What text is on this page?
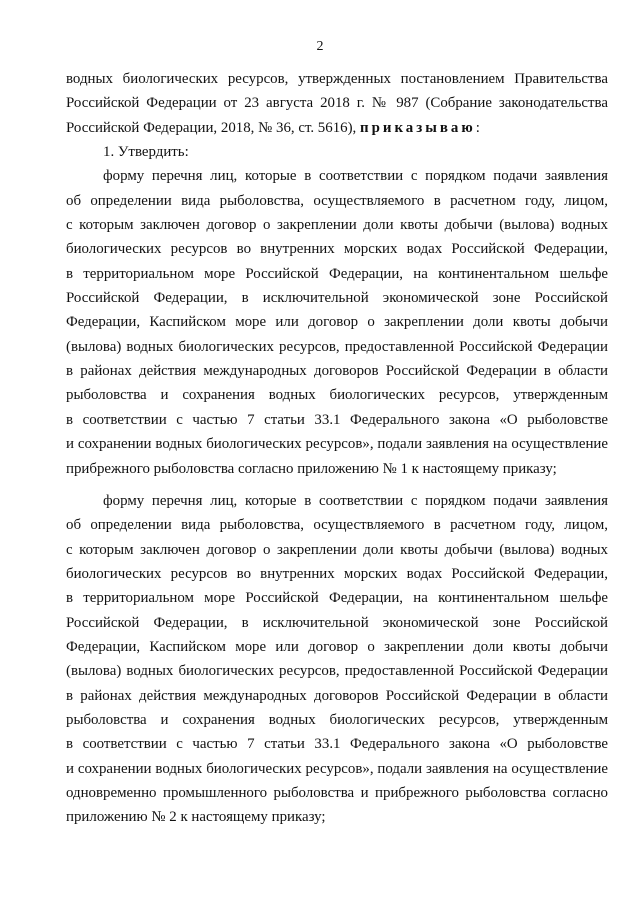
2
водных биологических ресурсов, утвержденных постановлением Правительства
Российской Федерации от 23 августа 2018 г. № 987 (Собрание законодательства
Российской Федерации, 2018, № 36, ст. 5616), приказываю:
1. Утвердить:
форму перечня лиц, которые в соответствии с порядком подачи заявления
об определении вида рыболовства, осуществляемого в расчетном году, лицом,
с которым заключен договор о закреплении доли квоты добычи (вылова) водных
биологических ресурсов во внутренних морских водах Российской Федерации,
в территориальном море Российской Федерации, на континентальном шельфе
Российской Федерации, в исключительной экономической зоне Российской
Федерации, Каспийском море или договор о закреплении доли квоты добычи
(вылова) водных биологических ресурсов, предоставленной Российской Федерации
в районах действия международных договоров Российской Федерации в области
рыболовства и сохранения водных биологических ресурсов, утвержденным
в соответствии с частью 7 статьи 33.1 Федерального закона «О рыболовстве
и сохранении водных биологических ресурсов», подали заявления на осуществление
прибрежного рыболовства согласно приложению № 1 к настоящему приказу;
форму перечня лиц, которые в соответствии с порядком подачи заявления
об определении вида рыболовства, осуществляемого в расчетном году, лицом,
с которым заключен договор о закреплении доли квоты добычи (вылова) водных
биологических ресурсов во внутренних морских водах Российской Федерации,
в территориальном море Российской Федерации, на континентальном шельфе
Российской Федерации, в исключительной экономической зоне Российской
Федерации, Каспийском море или договор о закреплении доли квоты добычи
(вылова) водных биологических ресурсов, предоставленной Российской Федерации
в районах действия международных договоров Российской Федерации в области
рыболовства и сохранения водных биологических ресурсов, утвержденным
в соответствии с частью 7 статьи 33.1 Федерального закона «О рыболовстве
и сохранении водных биологических ресурсов», подали заявления на осуществление
одновременно промышленного рыболовства и прибрежного рыболовства согласно
приложению № 2 к настоящему приказу;
